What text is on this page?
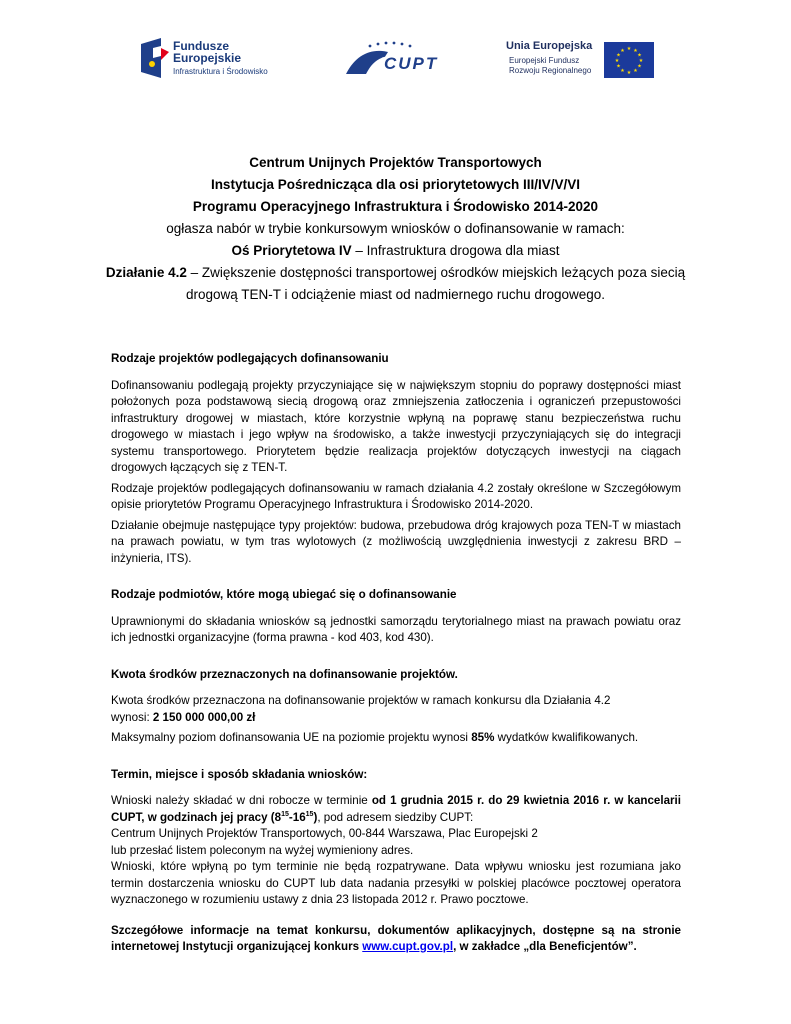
Fundusze
Europejskie
Infrastruktura i Środowisko	CUPT
Unia Europejska
Europejski Fundusz
Rozwoju Regionalnego
★ ★
★
★
★
★
★
★
★
★
★
★

Centrum Unijnych Projektów Transportowych

Instytucja Pośrednicząca dla osi priorytetowych III/IV/V/VI

Programu Operacyjnego Infrastruktura i Środowisko 2014-2020

ogłasza nabór w trybie konkursowym wniosków o dofinansowanie w ramach:

Oś Priorytetowa IV – Infrastruktura drogowa dla miast

Działanie 4.2 – Zwiększenie dostępności transportowej ośrodków miejskich leżących poza siecią drogową TEN-T i odciążenie miast od nadmiernego ruchu drogowego.

Rodzaje projektów podlegających dofinansowaniu

Dofinansowaniu podlegają projekty przyczyniające się w największym stopniu do poprawy dostępności miast położonych poza podstawową siecią drogową oraz zmniejszenia zatłoczenia i ograniczeń przepustowości infrastruktury drogowej w miastach, które korzystnie wpłyną na poprawę stanu bezpieczeństwa ruchu drogowego w miastach i jego wpływ na środowisko, a także inwestycji przyczyniających się do integracji systemu transportowego. Priorytetem będzie realizacja projektów dotyczących inwestycji na ciągach drogowych łączących się z TEN-T.

Rodzaje projektów podlegających dofinansowaniu w ramach działania 4.2 zostały określone w Szczegółowym opisie priorytetów Programu Operacyjnego Infrastruktura i Środowisko 2014-2020.

Działanie obejmuje następujące typy projektów: budowa, przebudowa dróg krajowych poza TEN-T w miastach na prawach powiatu, w tym tras wylotowych (z możliwością uwzględnienia inwestycji z zakresu BRD – inżynieria, ITS).

Rodzaje podmiotów, które mogą ubiegać się o dofinansowanie

Uprawnionymi do składania wniosków są jednostki samorządu terytorialnego miast na prawach powiatu oraz ich jednostki organizacyjne (forma prawna - kod 403, kod 430).

Kwota środków przeznaczonych na dofinansowanie projektów.

Kwota środków przeznaczona na dofinansowanie projektów w ramach konkursu dla Działania 4.2
wynosi: 2 150 000 000,00 zł

Maksymalny poziom dofinansowania UE na poziomie projektu wynosi 85% wydatków kwalifikowanych.

Termin, miejsce i sposób składania wniosków:

Wnioski należy składać w dni robocze w terminie od 1 grudnia 2015 r. do 29 kwietnia 2016 r. w kancelarii CUPT, w godzinach jej pracy $(8^{15}-16^{15})$, pod adresem siedziby CUPT:

Centrum Unijnych Projektów Transportowych, 00-844 Warszawa, Plac Europejski 2

lub przesłać listem poleconym na wyżej wymieniony adres.

Wnioski, które wpłyną po tym terminie nie będą rozpatrywane. Data wpływu wniosku jest rozumiana jako termin dostarczenia wniosku do CUPT lub data nadania przesyłki w polskiej placówce pocztowej operatora wyznaczonego w rozumieniu ustawy z dnia 23 listopada 2012 r. Prawo pocztowe.

Szczegółowe informacje na temat konkursu, dokumentów aplikacyjnych, dostępne są na stronie internetowej Instytucji organizującej konkurs www.cupt.gov.pl, w zakładce „dla Beneficjentów”.
